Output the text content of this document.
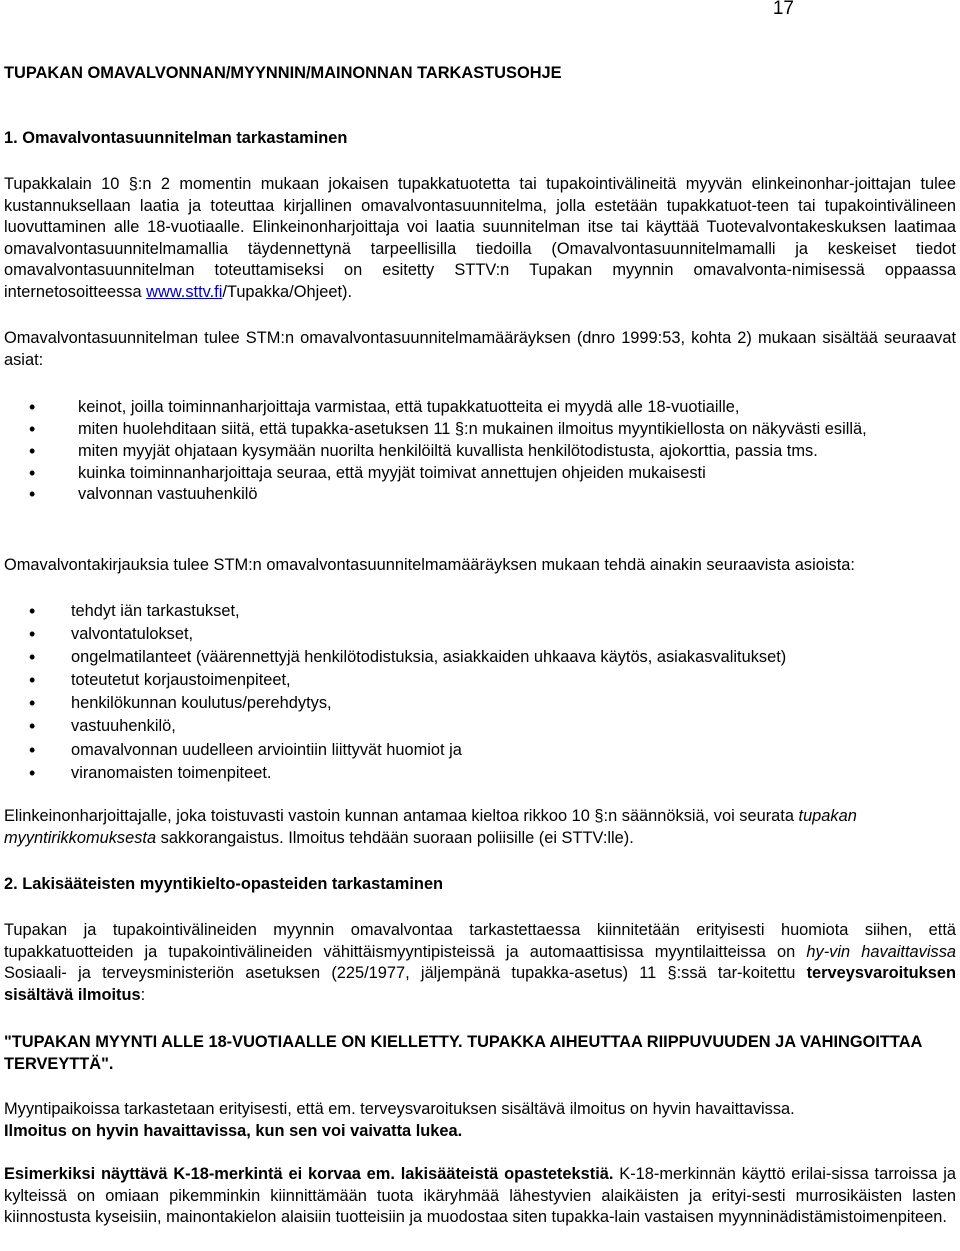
17
TUPAKAN OMAVALVONNAN/MYYNNIN/MAINONNAN TARKASTUSOHJE
1. Omavalvontasuunnitelman tarkastaminen

Tupakkalain 10 §:n 2 momentin mukaan jokaisen tupakkatuotetta tai tupakointivälineitä myyvän elinkeinonhar-joittajan tulee kustannuksellaan laatia ja toteuttaa kirjallinen omavalvontasuunnitelma, jolla estetään tupakkatuot-teen tai tupakointivälineen luovuttaminen alle 18-vuotiaalle. Elinkeinonharjoittaja voi laatia suunnitelman itse tai käyttää Tuotevalvontakeskuksen laatimaa omavalvontasuunnitelmamallia täydennettynä tarpeellisilla tiedoilla (Omavalvontasuunnitelmamalli ja keskeiset tiedot omavalvontasuunnitelman toteuttamiseksi on esitetty STTV:n Tupakan myynnin omavalvonta-nimisessä oppaassa internetosoitteessa www.sttv.fi/Tupakka/Ohjeet).

Omavalvontasuunnitelman tulee STM:n omavalvontasuunnitelmamääräyksen (dnro 1999:53, kohta 2) mukaan sisältää seuraavat asiat:

• keinot, joilla toiminnanharjoittaja varmistaa, että tupakkatuotteita ei myydä alle 18-vuotiaille,
• miten huolehditaan siitä, että tupakka-asetuksen 11 §:n mukainen ilmoitus myyntikiellosta on näkyvästi esillä,
• miten myyjät ohjataan kysymään nuorilta henkilöiltä kuvallista henkilötodistusta, ajokorttia, passia tms.
• kuinka toiminnanharjoittaja seuraa, että myyjät toimivat annettujen ohjeiden mukaisesti
• valvonnan vastuuhenkilö

Omavalvontakirjauksia tulee STM:n omavalvontasuunnitelmamääräyksen mukaan tehdä ainakin seuraavista asioista:

• tehdyt iän tarkastukset,
• valvontatulokset,
• ongelmatilanteet (väärennettyjä henkilötodistuksia, asiakkaiden uhkaava käytös, asiakasvalitukset)
• toteutetut korjaustoimenpiteet,
• henkilökunnan koulutus/perehdytys,
• vastuuhenkilö,
• omavalvonnan uudelleen arviointiin liittyvät huomiot ja
• viranomaisten toimenpiteet.

Elinkeinonharjoittajalle, joka toistuvasti vastoin kunnan antamaa kieltoa rikkoo 10 §:n säännöksiä, voi seurata tupakan myyntirikkomuksesta sakkorangaistus. Ilmoitus tehdään suoraan poliisille (ei STTV:lle).

2. Lakisääteisten myyntikielto-opasteiden tarkastaminen

Tupakan ja tupakointivälineiden myynnin omavalvontaa tarkastettaessa kiinnitetään erityisesti huomiota siihen, että tupakkatuotteiden ja tupakointivälineiden vähittäismyyntipisteissä ja automaattisissa myyntilaitteissa on hy-vin havaittavissa Sosiaali- ja terveysministeriön asetuksen (225/1977, jäljempänä tupakka-asetus) 11 §:ssä tar-koitettu terveysvaroituksen sisältävä ilmoitus:

"TUPAKAN MYYNTI ALLE 18-VUOTIAALLE ON KIELLETTY. TUPAKKA AIHEUTTAA RIIPPUVUUDEN JA VAHINGOITTAA TERVEYTTÄ".

Myyntipaikoissa tarkastetaan erityisesti, että em. terveysvaroituksen sisältävä ilmoitus on hyvin havaittavissa.
Ilmoitus on hyvin havaittavissa, kun sen voi vaivatta lukea.

Esimerkiksi näyttävä K-18-merkintä ei korvaa em. lakisääteistä opastetekstiä. K-18-merkinnän käyttö erilai-sissa tarroissa ja kylteissä on omiaan pikemminkin kiinnittämään tuota ikäryhmää lähestyvien alaikäisten ja erityi-sesti murrosikäisten lasten kiinnostusta kyseisiin, mainontakielon alaisiin tuotteisiin ja muodostaa siten tupakka-lain vastaisen myynninädistämistoimenpiteen.
